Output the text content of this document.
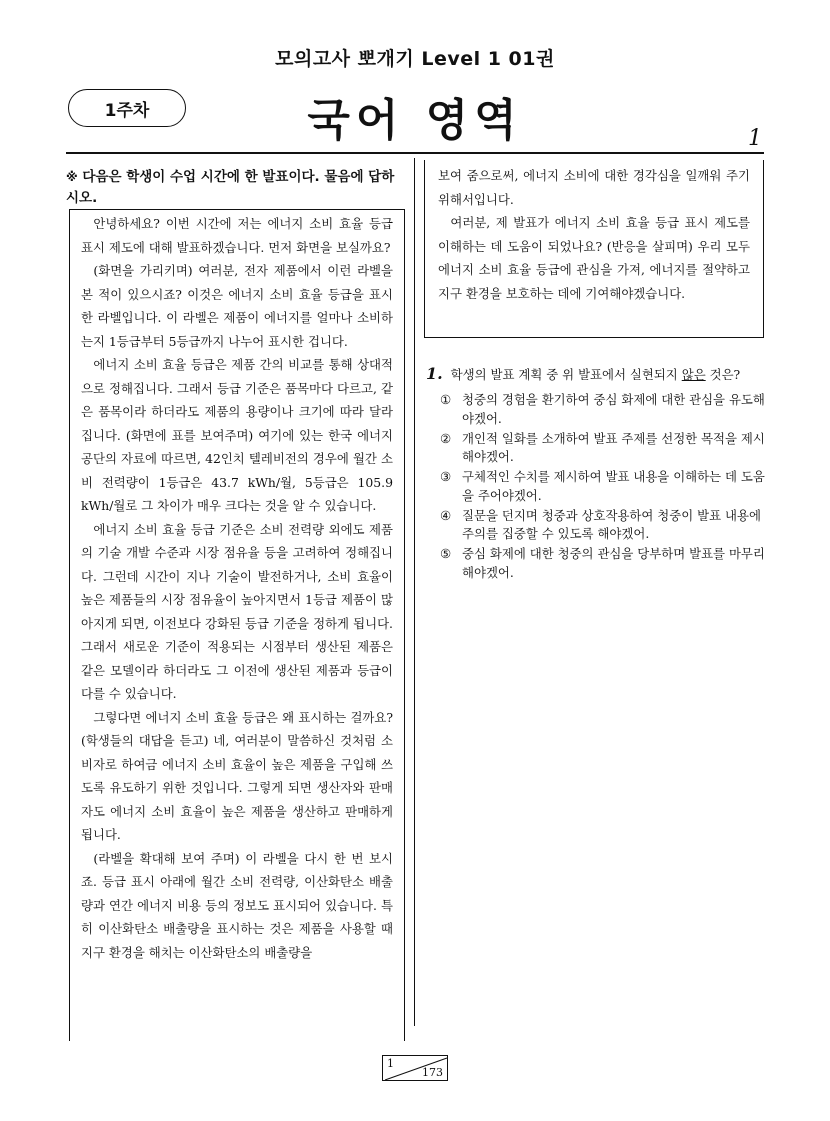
모의고사 뽀개기 Level 1 01권
1주차	국어 영역	1
※ 다음은 학생이 수업 시간에 한 발표이다. 물음에 답하시오.

안녕하세요? 이번 시간에 저는 에너지 소비 효율 등급 표시 제도에 대해 발표하겠습니다. 먼저 화면을 보실까요?

(화면을 가리키며) 여러분, 전자 제품에서 이런 라벨을 본 적이 있으시죠? 이것은 에너지 소비 효율 등급을 표시한 라벨입니다. 이 라벨은 제품이 에너지를 얼마나 소비하는지 1등급부터 5등급까지 나누어 표시한 겁니다.

에너지 소비 효율 등급은 제품 간의 비교를 통해 상대적으로 정해집니다. 그래서 등급 기준은 품목마다 다르고, 같은 품목이라 하더라도 제품의 용량이나 크기에 따라 달라집니다. (화면에 표를 보여주며) 여기에 있는 한국 에너지 공단의 자료에 따르면, 42인치 텔레비전의 경우에 월간 소비 전력량이 1등급은 43.7 kWh/월, 5등급은 105.9 kWh/월로 그 차이가 매우 크다는 것을 알 수 있습니다.

에너지 소비 효율 등급 기준은 소비 전력량 외에도 제품의 기술 개발 수준과 시장 점유율 등을 고려하여 정해집니다. 그런데 시간이 지나 기술이 발전하거나, 소비 효율이 높은 제품들의 시장 점유율이 높아지면서 1등급 제품이 많아지게 되면, 이전보다 강화된 등급 기준을 정하게 됩니다. 그래서 새로운 기준이 적용되는 시점부터 생산된 제품은 같은 모델이라 하더라도 그 이전에 생산된 제품과 등급이 다를 수 있습니다.

그렇다면 에너지 소비 효율 등급은 왜 표시하는 걸까요? (학생들의 대답을 듣고) 네, 여러분이 말씀하신 것처럼 소비자로 하여금 에너지 소비 효율이 높은 제품을 구입해 쓰도록 유도하기 위한 것입니다. 그렇게 되면 생산자와 판매자도 에너지 소비 효율이 높은 제품을 생산하고 판매하게 됩니다.

(라벨을 확대해 보여 주며) 이 라벨을 다시 한 번 보시죠. 등급 표시 아래에 월간 소비 전력량, 이산화탄소 배출량과 연간 에너지 비용 등의 정보도 표시되어 있습니다. 특히 이산화탄소 배출량을 표시하는 것은 제품을 사용할 때 지구 환경을 해치는 이산화탄소의 배출량을

보여 줌으로써, 에너지 소비에 대한 경각심을 일깨워 주기 위해서입니다.

여러분, 제 발표가 에너지 소비 효율 등급 표시 제도를 이해하는 데 도움이 되었나요? (반응을 살피며) 우리 모두 에너지 소비 효율 등급에 관심을 가져, 에너지를 절약하고 지구 환경을 보호하는 데에 기여해야겠습니다.

1. 학생의 발표 계획 중 위 발표에서 실현되지 않은 것은?
① 청중의 경험을 환기하여 중심 화제에 대한 관심을 유도해야겠어.
② 개인적 일화를 소개하여 발표 주제를 선정한 목적을 제시해야겠어.
③ 구체적인 수치를 제시하여 발표 내용을 이해하는 데 도움을 주어야겠어.
④ 질문을 던지며 청중과 상호작용하여 청중이 발표 내용에 주의를 집중할 수 있도록 해야겠어.
⑤ 중심 화제에 대한 청중의 관심을 당부하며 발표를 마무리해야겠어.
1
173
